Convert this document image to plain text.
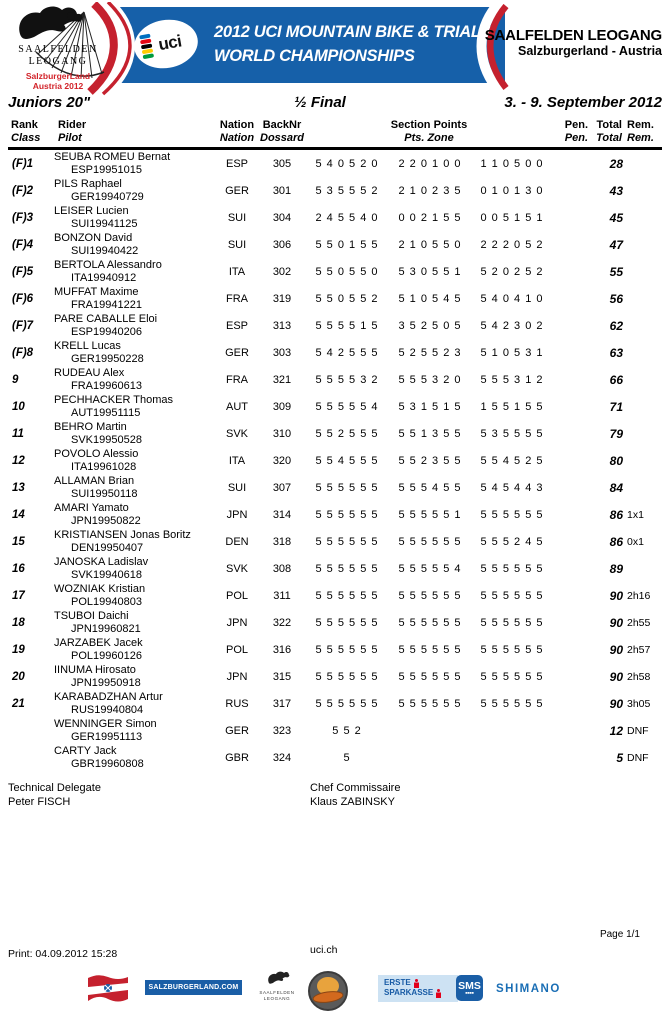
uci 2012 UCI MOUNTAIN BIKE & TRIALS
WORLD CHAMPIONSHIPS
SAALFELDEN
LEOGANG
SalzburgerLand
Austria 2012
SAALFELDEN LEOGANG
Salzburgerland - Austria
Juniors 20"	½ Final	3. - 9. September 2012
Rank
Class
Rider
Pilot
Nation
Nation
BackNr
Dossard
Section Points
Pts. Zone
Pen.
Pen.
Total
Total
Rem.
Rem.
(F)1
SEUBA ROMEU Bernat
ESP19951015	ESP	305	5 4 0 5 2 0	2 2 0 1 0 0	1 1 0 5 0 0	28
(F)2
PILS Raphael
GER19940729	GER	301	5 3 5 5 5 2	2 1 0 2 3 5	0 1 0 1 3 0	43
(F)3
LEISER Lucien
SUI19941125	SUI	304	2 4 5 5 4 0	0 0 2 1 5 5	0 0 5 1 5 1	45
(F)4
BONZON David
SUI19940422	SUI	306	5 5 0 1 5 5	2 1 0 5 5 0	2 2 2 0 5 2	47
(F)5
BERTOLA Alessandro
ITA19940912	ITA	302	5 5 0 5 5 0	5 3 0 5 5 1	5 2 0 2 5 2	55
(F)6
MUFFAT Maxime
FRA19941221	FRA	319	5 5 0 5 5 2	5 1 0 5 4 5	5 4 0 4 1 0	56
(F)7
PARE CABALLE Eloi
ESP19940206	ESP	313	5 5 5 5 1 5	3 5 2 5 0 5	5 4 2 3 0 2	62
(F)8
KRELL Lucas
GER19950228	GER	303	5 4 2 5 5 5	5 2 5 5 2 3	5 1 0 5 3 1	63
9
RUDEAU Alex
FRA19960613	FRA	321	5 5 5 5 3 2	5 5 5 3 2 0	5 5 5 3 1 2	66
10
PECHHACKER Thomas
AUT19951115	AUT	309	5 5 5 5 5 4	5 3 1 5 1 5	1 5 5 1 5 5	71
11
BEHRO Martin
SVK19950528	SVK	310	5 5 2 5 5 5	5 5 1 3 5 5	5 3 5 5 5 5	79
12
POVOLO Alessio
ITA19961028	ITA	320	5 5 4 5 5 5	5 5 2 3 5 5	5 5 4 5 2 5	80
13
ALLAMAN Brian
SUI19950118	SUI	307	5 5 5 5 5 5	5 5 5 4 5 5	5 4 5 4 4 3	84
14
AMARI Yamato
JPN19950822	JPN	314	5 5 5 5 5 5	5 5 5 5 5 1	5 5 5 5 5 5	86 1x1
15
KRISTIANSEN Jonas Boritz
DEN19950407	DEN	318	5 5 5 5 5 5	5 5 5 5 5 5	5 5 5 2 4 5	86 0x1
16
JANOSKA Ladislav
SVK19940618	SVK	308	5 5 5 5 5 5	5 5 5 5 5 4	5 5 5 5 5 5	89
17
WOZNIAK Kristian
POL19940803	POL	311	5 5 5 5 5 5	5 5 5 5 5 5	5 5 5 5 5 5	90 2h16
18
TSUBOI Daichi
JPN19960821	JPN	322	5 5 5 5 5 5	5 5 5 5 5 5	5 5 5 5 5 5	90 2h55
19
JARZABEK Jacek
POL19960126	POL	316	5 5 5 5 5 5	5 5 5 5 5 5	5 5 5 5 5 5	90 2h57
20
IINUMA Hirosato
JPN19950918	JPN	315	5 5 5 5 5 5	5 5 5 5 5 5	5 5 5 5 5 5	90 2h58
21
KARABADZHAN Artur
RUS19940804	RUS	317	5 5 5 5 5 5	5 5 5 5 5 5	5 5 5 5 5 5	90 3h05
WENNINGER Simon
GER19951113	GER	323	5 5 2	12 DNF
CARTY Jack
GBR19960808	GBR	324	5	5 DNF
Technical Delegate
Peter FISCH
Chef Commissaire
Klaus ZABINSKY
Page 1/1
Print: 04.09.2012 15:28	uci.ch
SALZBURGERLAND.COM
SAALFELDEN
LEOGANG
ERSTE
SPARKASSE
SMS
■■■■ SHIMANO
